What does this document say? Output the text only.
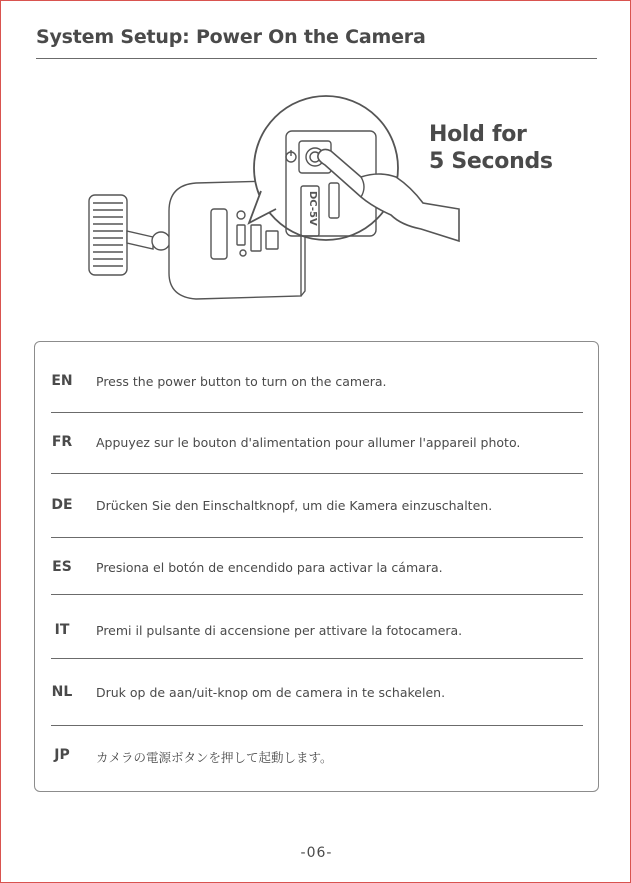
System Setup: Power On the Camera
DC-5V
Hold for
5 Seconds
EN Press the power button to turn on the camera.
FR Appuyez sur le bouton d'alimentation pour allumer l'appareil photo.
DE Drücken Sie den Einschaltknopf, um die Kamera einzuschalten.
ES Presiona el botón de encendido para activar la cámara.
IT Premi il pulsante di accensione per attivare la fotocamera.
NL Druk op de aan/uit-knop om de camera in te schakelen.
JP カメラの電源ボタンを押して起動します。
-06-
